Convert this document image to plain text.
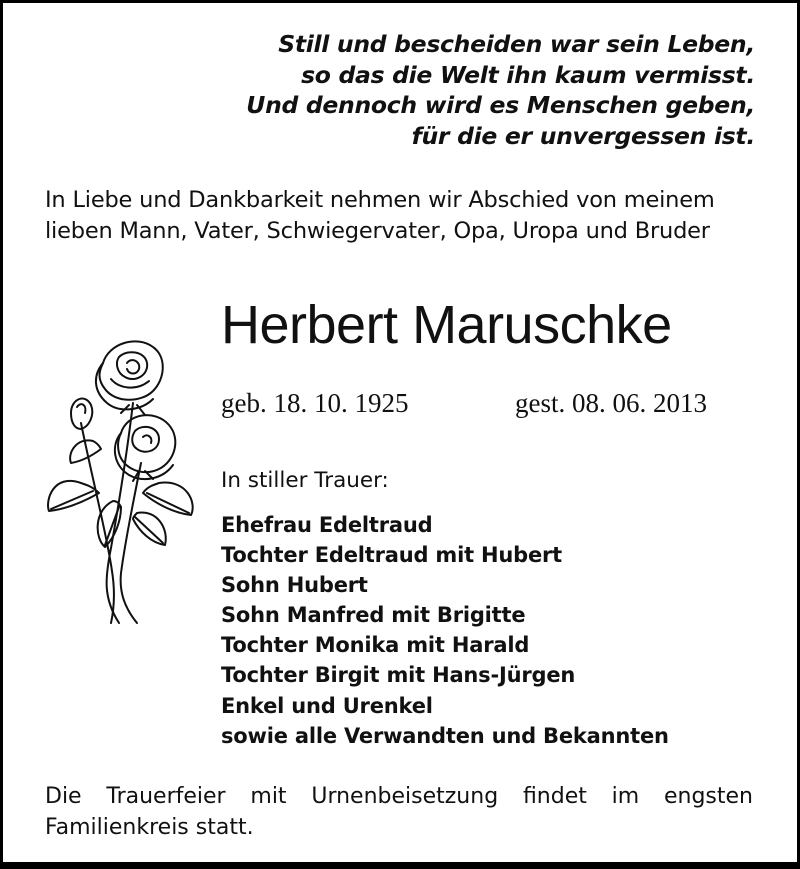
Still und bescheiden war sein Leben,
so das die Welt ihn kaum vermisst.
Und dennoch wird es Menschen geben,
für die er unvergessen ist.
In Liebe und Dankbarkeit nehmen wir Abschied von meinem
lieben Mann, Vater, Schwiegervater, Opa, Uropa und Bruder
Herbert Maruschke
geb. 18. 10. 1925	gest. 08. 06. 2013
In stiller Trauer:
Ehefrau Edeltraud
Tochter Edeltraud mit Hubert
Sohn Hubert
Sohn Manfred mit Brigitte
Tochter Monika mit Harald
Tochter Birgit mit Hans-Jürgen
Enkel und Urenkel
sowie alle Verwandten und Bekannten
Die Trauerfeier mit Urnenbeisetzung findet im engsten
Familienkreis statt.
